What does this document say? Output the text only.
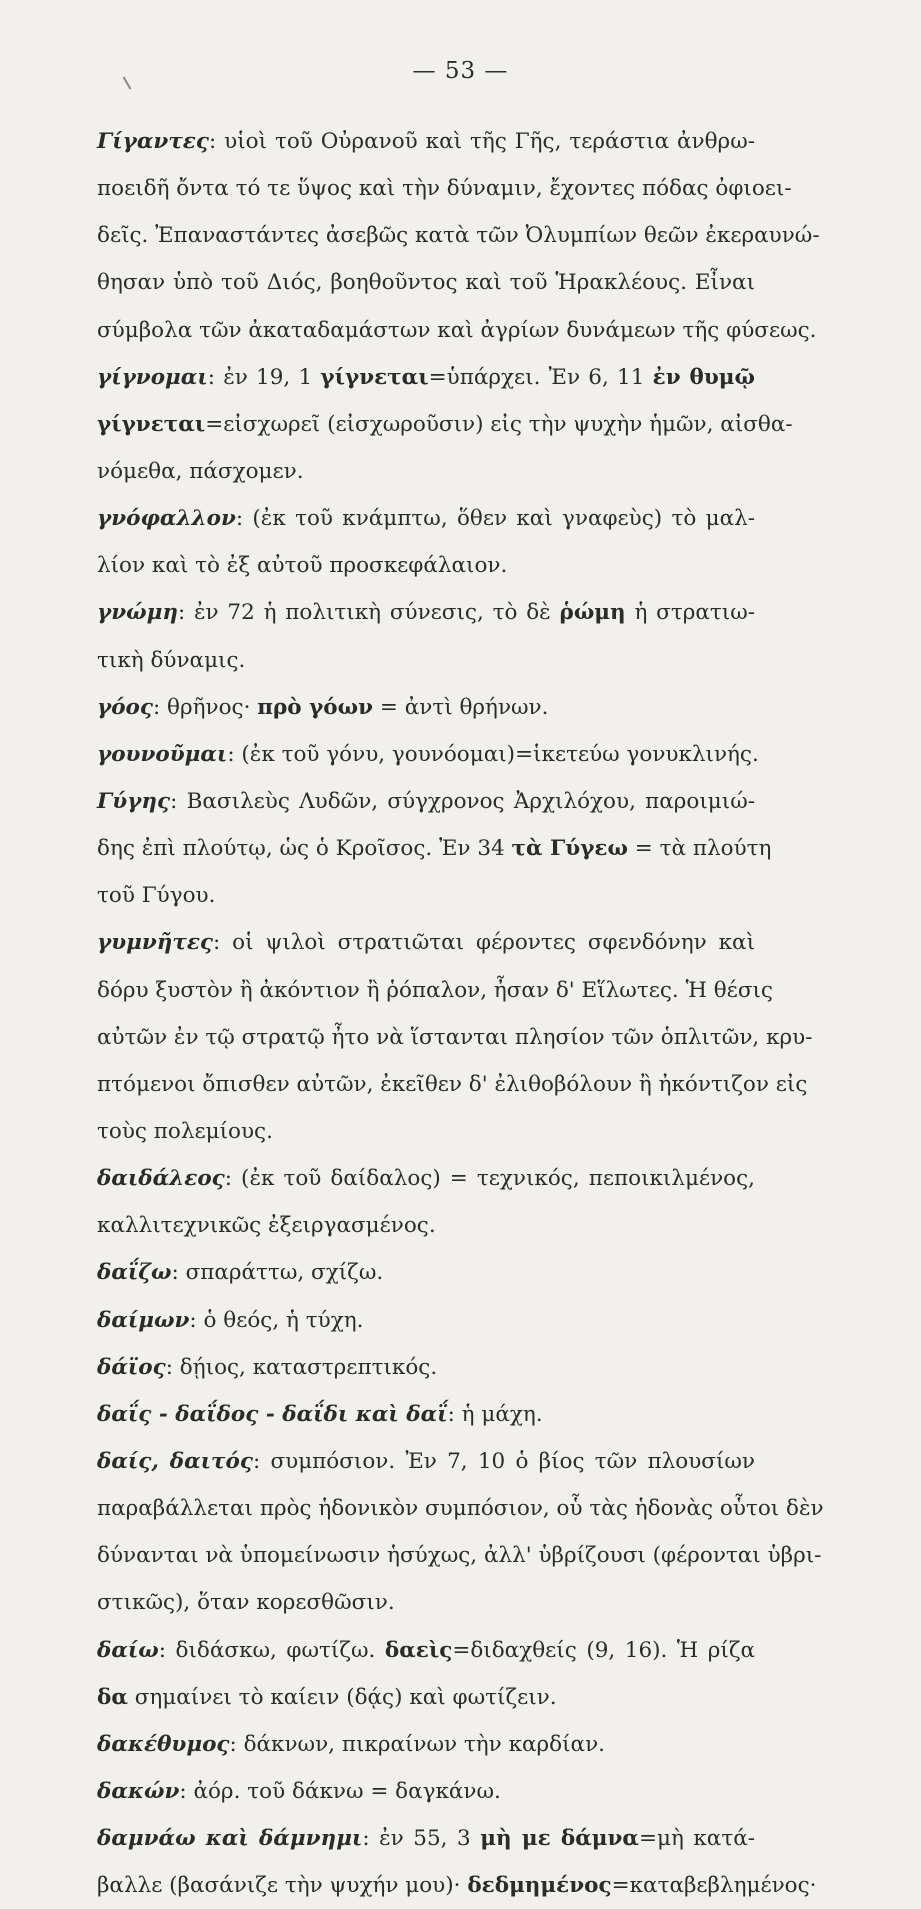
— 53 —
Γίγαντες: υἱοὶ τοῦ Οὐρανοῦ καὶ τῆς Γῆς, τεράστια ἀνθρω-
ποειδῆ ὄντα τό τε ὕψος καὶ τὴν δύναμιν, ἔχοντες πόδας ὀφιοει-
δεῖς. Ἐπαναστάντες ἀσεβῶς κατὰ τῶν Ὀλυμπίων θεῶν ἐκεραυνώ-
θησαν ὑπὸ τοῦ Διός, βοηθοῦντος καὶ τοῦ Ἡρακλέους. Εἶναι
σύμβολα τῶν ἀκαταδαμάστων καὶ ἀγρίων δυνάμεων τῆς φύσεως.
γίγνομαι: ἐν 19, 1 γίγνεται=ὑπάρχει. Ἐν 6, 11 ἐν θυμῷ
γίγνεται=εἰσχωρεῖ (εἰσχωροῦσιν) εἰς τὴν ψυχὴν ἡμῶν, αἰσθα-
νόμεθα, πάσχομεν.
γνόφαλλον: (ἐκ τοῦ κνάμπτω, ὅθεν καὶ γναφεὺς) τὸ μαλ-
λίον καὶ τὸ ἐξ αὐτοῦ προσκεφάλαιον.
γνώμη: ἐν 72 ἡ πολιτικὴ σύνεσις, τὸ δὲ ῥώμη ἡ στρατιω-
τικὴ δύναμις.
γόος: θρῆνος· πρὸ γόων = ἀντὶ θρήνων.
γουνοῦμαι: (ἐκ τοῦ γόνυ, γουνόομαι)=ἱκετεύω γονυκλινής.
Γύγης: Βασιλεὺς Λυδῶν, σύγχρονος Ἀρχιλόχου, παροιμιώ-
δης ἐπὶ πλούτῳ, ὡς ὁ Κροῖσος. Ἐν 34 τὰ Γύγεω = τὰ πλούτη
τοῦ Γύγου.
γυμνῆτες: οἱ ψιλοὶ στρατιῶται φέροντες σφενδόνην καὶ
δόρυ ξυστὸν ἢ ἀκόντιον ἢ ῥόπαλον, ἦσαν δ' Εἵλωτες. Ἡ θέσις
αὐτῶν ἐν τῷ στρατῷ ἦτο νὰ ἵστανται πλησίον τῶν ὁπλιτῶν, κρυ-
πτόμενοι ὄπισθεν αὐτῶν, ἐκεῖθεν δ' ἐλιθοβόλουν ἢ ἠκόντιζον εἰς
τοὺς πολεμίους.
δαιδάλεος: (ἐκ τοῦ δαίδαλος) = τεχνικός, πεποικιλμένος,
καλλιτεχνικῶς ἐξειργασμένος.
δαΐζω: σπαράττω, σχίζω.
δαίμων: ὁ θεός, ἡ τύχη.
δάϊος: δῄιος, καταστρεπτικός.
δαΐς - δαΐδος - δαΐδι καὶ δαΐ: ἡ μάχη.
δαίς, δαιτός: συμπόσιον. Ἐν 7, 10 ὁ βίος τῶν πλουσίων
παραβάλλεται πρὸς ἡδονικὸν συμπόσιον, οὗ τὰς ἡδονὰς οὗτοι δὲν
δύνανται νὰ ὑπομείνωσιν ἡσύχως, ἀλλ' ὑβρίζουσι (φέρονται ὑβρι-
στικῶς), ὅταν κορεσθῶσιν.
δαίω: διδάσκω, φωτίζω. δαεὶς=διδαχθείς (9, 16). Ἡ ρίζα
δα σημαίνει τὸ καίειν (δᾴς) καὶ φωτίζειν.
δακέθυμος: δάκνων, πικραίνων τὴν καρδίαν.
δακών: ἀόρ. τοῦ δάκνω = δαγκάνω.
δαμνάω καὶ δάμνημι: ἐν 55, 3 μὴ με δάμνα=μὴ κατά-
βαλλε (βασάνιζε τὴν ψυχήν μου)· δεδμημένος=καταβεβλημένος·
